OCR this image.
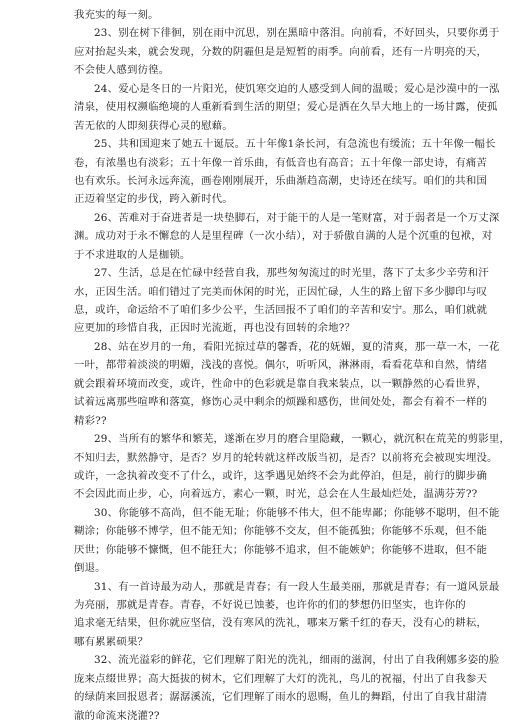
我充实的每一刻。
23、别在树下徘徊，别在雨中沉思，别在黑暗中落泪。向前看，不好回头，只要你勇于
应对抬起头来，就会发现，分数的阴霾但是是短暂的雨季。向前看，还有一片明亮的天，
不会使人感到彷徨。
24、爱心是冬日的一片阳光，使饥寒交迫的人感受到人间的温暖；爱心是沙漠中的一泓
清泉，使用权濒临绝境的人重新看到生活的期望；爱心是洒在久旱大地上的一场甘露，使孤
苦无依的人即刻获得心灵的慰藉。
25、共和国迎来了她五十诞辰。五十年像1条长河，有急流也有缓流；五十年像一幅长
卷，有浓墨也有淡彩；五十年像一首乐曲，有低音也有高音；五十年像一部史诗，有痛苦
也有欢乐。长河永远奔流，画卷刚刚展开，乐曲渐趋高潮，史诗还在续写。咱们的共和国
正迈着坚定的步伐，跨入新时代。
26、苦难对于奋进者是一块垫脚石，对于能干的人是一笔财富，对于弱者是一个万丈深
渊。成功对于永不懈怠的人是里程碑（一次小结），对于骄傲自满的人是个沉重的包袱，对
于不求进取的人是枷锁。
27、生活，总是在忙碌中经营自我，那些匆匆流过的时光里，落下了太多少辛劳和汗
水，正因生活。咱们错过了完美而休闲的时光，正因忙碌，人生的路上留下多少脚印与叹
息，或许，命运给不了咱们多少公平，生活回报不了咱们的辛苦和安宁。那么，咱们就就
应更加的珍惜自我，正因时光流逝，再也没有回转的余地?？
28、站在岁月的一角，看阳光掠过草的馨香，花的妩媚，夏的清爽，那一草一木，一花
一叶，都带着淡淡的明媚，浅浅的喜悦。偶尔，听听风，淋淋雨，看看花草和自然，情绪
就会跟着环境而改变，或许，性命中的色彩就是靠自我来装点，以一颗静然的心看世界，
试着远离那些喧哗和落寞，修饬心灵中剩余的烦躁和感伤，世间处处，都会有着不一样的
精彩??
29、当所有的繁华和繁芜，遂渐在岁月的磨合里隐藏，一颗心，就沉积在荒芜的剪影里，
不知归去，默然静守，是否？岁月的轮转就这样改版当初，是否？以前将充会被现实埋没。
或许，一念执着改变不了什么，或许，这季遇见始终不会为此停泊，但是，前行的脚步确
不会因此而止步，心，向着远方，素心一颗，时光，总会在人生最灿烂处，温满芬芳??
30、你能够不高尚，但不能无耻；你能够不伟大，但不能卑鄙；你能够不聪明，但不能
糊涂；你能够不博学，但不能无知；你能够不交友，但不能孤独；你能够不乐观，但不能
厌世；你能够不慷慨，但不能狂大；你能够不追求，但不能嫉妒；你能够不进取，但不能
倒退。
31、有一首诗最为动人，那就是青春；有一段人生最美丽，那就是青春；有一道风景最
为亮丽，那就是青春。青春，不好说已蚀萎，也许你的们的梦想仍旧坚实，也许你的
追求毫无结果，但你就应坚信，没有寒风的洗礼，哪来万紫千红的春天，没有心的耕耘，
哪有累累硕果？
32、流光溢彩的鲜花，它们理解了阳光的洗礼，细雨的滋润，付出了自我俐娜多姿的脸
庞来点缀世界；高大挺拔的树木，它们理解了大灯的洗礼，鸟儿的祝福，付出了自我参天
的绿荫来回报恩者；潺潺溪流，它们理解了雨水的恩赐，鱼儿的舞蹈，付出了自我甘甜清
澈的命流来浇灌??
